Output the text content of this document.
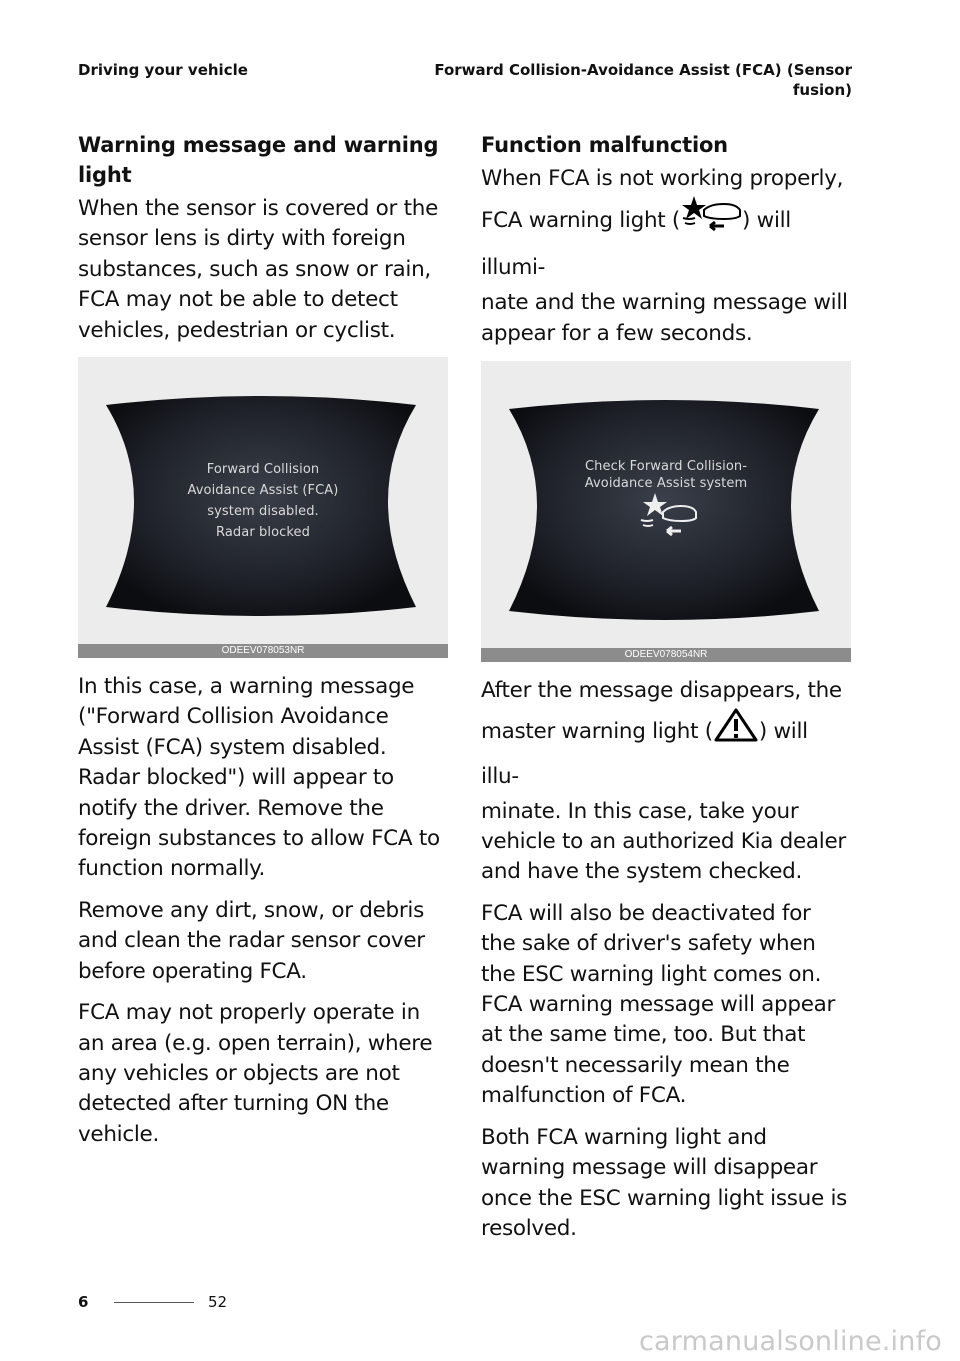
Driving your vehicle	Forward Collision-Avoidance Assist (FCA) (Sensor
fusion)
Warning message and warning light

When the sensor is covered or the sensor lens is dirty with foreign substances, such as snow or rain, FCA may not be able to detect vehicles, pedestrian or cyclist.

Forward Collision
Avoidance Assist (FCA)
system disabled.
Radar blocked
ODEEV078053NR

In this case, a warning message ("Forward Collision Avoidance Assist (FCA) system disabled. Radar blocked") will appear to notify the driver. Remove the foreign substances to allow FCA to function normally.

Remove any dirt, snow, or debris and clean the radar sensor cover before operating FCA.

FCA may not properly operate in an area (e.g. open terrain), where any vehicles or objects are not detected after turning ON the vehicle.

Function malfunction

When FCA is not working properly,

FCA warning light (	) will illumi-

nate and the warning message will appear for a few seconds.

Check Forward Collision-
Avoidance Assist system
ODEEV078054NR

After the message disappears, the

master warning light ( ) will illu-

minate. In this case, take your vehicle to an authorized Kia dealer and have the system checked.

FCA will also be deactivated for the sake of driver's safety when the ESC warning light comes on. FCA warning message will appear at the same time, too. But that doesn't necessarily mean the malfunction of FCA.

Both FCA warning light and warning message will disappear once the ESC warning light issue is resolved.

6	52
carmanualsonline.info
